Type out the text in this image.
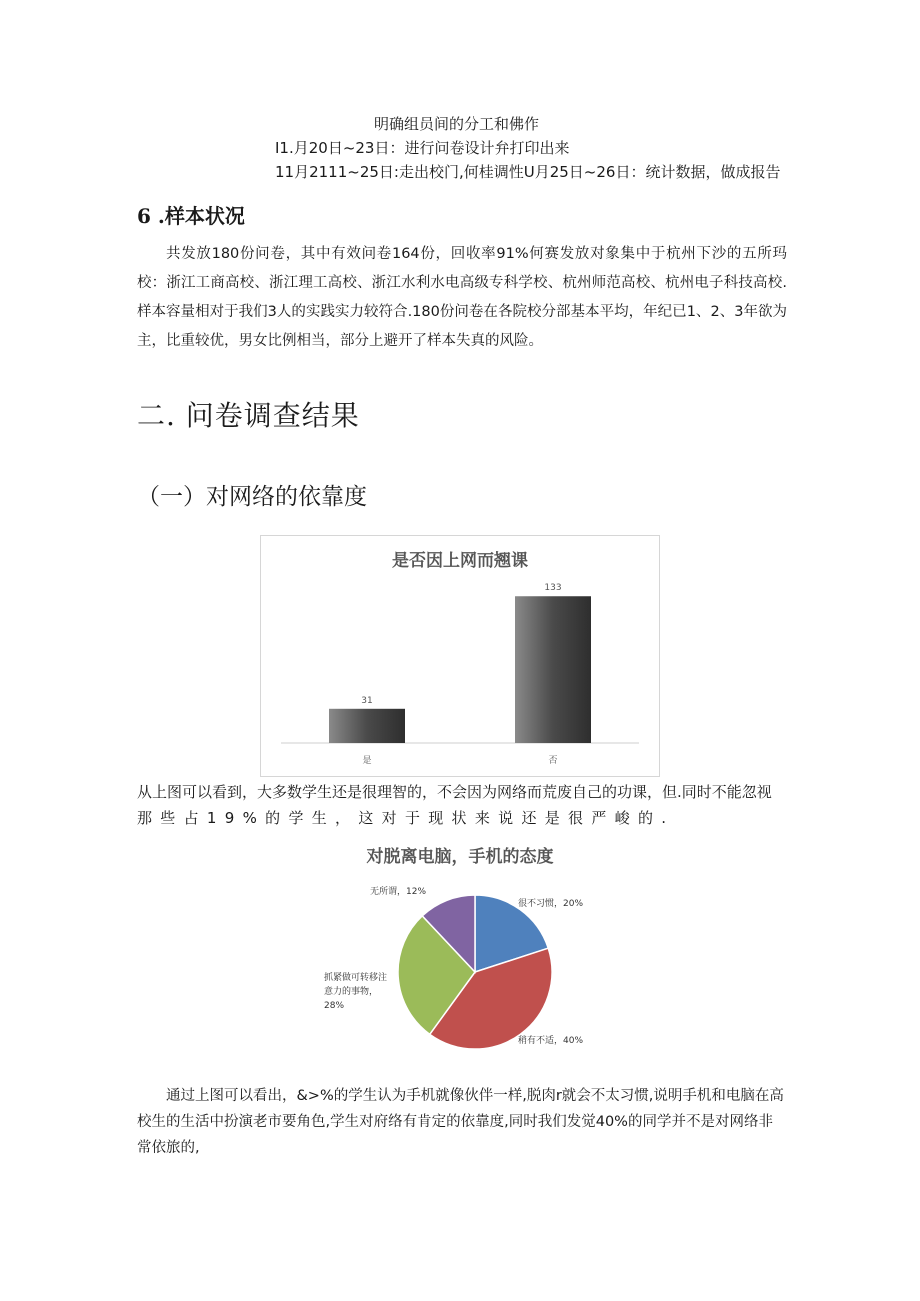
明确组员间的分工和佛作
I1.月20日~23日：进行问卷设计弁打印出来
11月2111~25日:走出校门,何桂调性U月25日~26日：统计数据，做成报告
6 .样本状况
共发放180份问卷，其中有效问卷164份，回收率91%何赛发放对象集中于杭州下沙的五所玛校：浙江工商高校、浙江理工高校、浙江水利水电高级专科学校、杭州师范高校、杭州电子科技高校.样本容量相对于我们3人的实践实力较符合.180份问卷在各院校分部基本平均，年纪已1、2、3年欲为主，比重较优，男女比例相当，部分上避开了样本失真的风险。
二. 问卷调查结果
（一）对网络的依靠度
是否因上网而翘课
31
是
133
否
从上图可以看到，大多数学生还是很理智的，不会因为网络而荒废自己的功课，但.同时不能忽视
那些占19%的学生，这对于现状来说还是很严峻的.
对脱离电脑，手机的态度
很不习惯，20%
稍有不适，40%
抓紧做可转移注
意力的事物，
28%
无所谓，12%
通过上图可以看出，&>%的学生认为手机就像伙伴一样,脱肉r就会不太习惯,说明手机和电脑在高校生的生活中扮演老市要角色,学生对府络有肯定的依靠度,同时我们发觉40%的同学并不是对网络非常依旅的,
